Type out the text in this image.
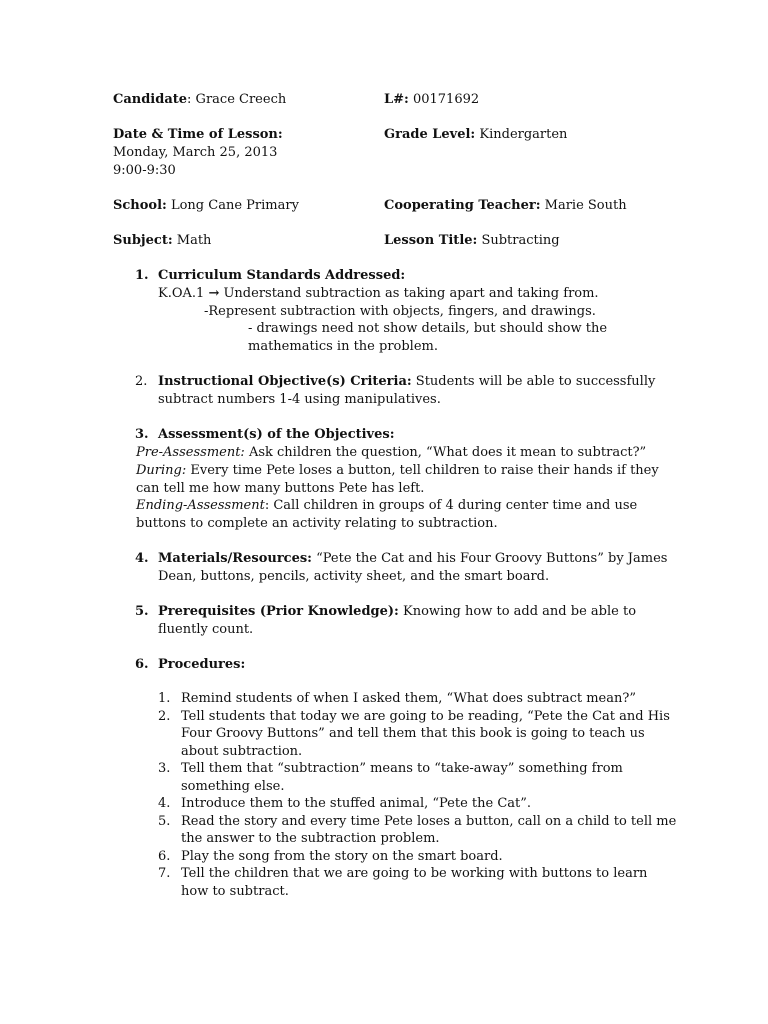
Candidate: Grace Creech	L#: 00171692
Date & Time of Lesson:
Monday, March 25, 2013
9:00-9:30
Grade Level: Kindergarten
School: Long Cane Primary	Cooperating Teacher: Marie South
Subject: Math	Lesson Title: Subtracting
1. Curriculum Standards Addressed:
K.OA.1 → Understand subtraction as taking apart and taking from.
-Represent subtraction with objects, fingers, and drawings.
- drawings need not show details, but should show the
mathematics in the problem.
2. Instructional Objective(s) Criteria: Students will be able to successfully
subtract numbers 1-4 using manipulatives.
3. Assessment(s) of the Objectives:
Pre-Assessment: Ask children the question, “What does it mean to subtract?”
During: Every time Pete loses a button, tell children to raise their hands if they
can tell me how many buttons Pete has left.
Ending-Assessment: Call children in groups of 4 during center time and use
buttons to complete an activity relating to subtraction.
4. Materials/Resources: “Pete the Cat and his Four Groovy Buttons” by James
Dean, buttons, pencils, activity sheet, and the smart board.
5. Prerequisites (Prior Knowledge): Knowing how to add and be able to
fluently count.
6. Procedures:
1. Remind students of when I asked them, “What does subtract mean?”
2. Tell students that today we are going to be reading, “Pete the Cat and His
Four Groovy Buttons” and tell them that this book is going to teach us
about subtraction.
3. Tell them that “subtraction” means to “take-away” something from
something else.
4. Introduce them to the stuffed animal, “Pete the Cat”.
5. Read the story and every time Pete loses a button, call on a child to tell me
the answer to the subtraction problem.
6. Play the song from the story on the smart board.
7. Tell the children that we are going to be working with buttons to learn
how to subtract.
